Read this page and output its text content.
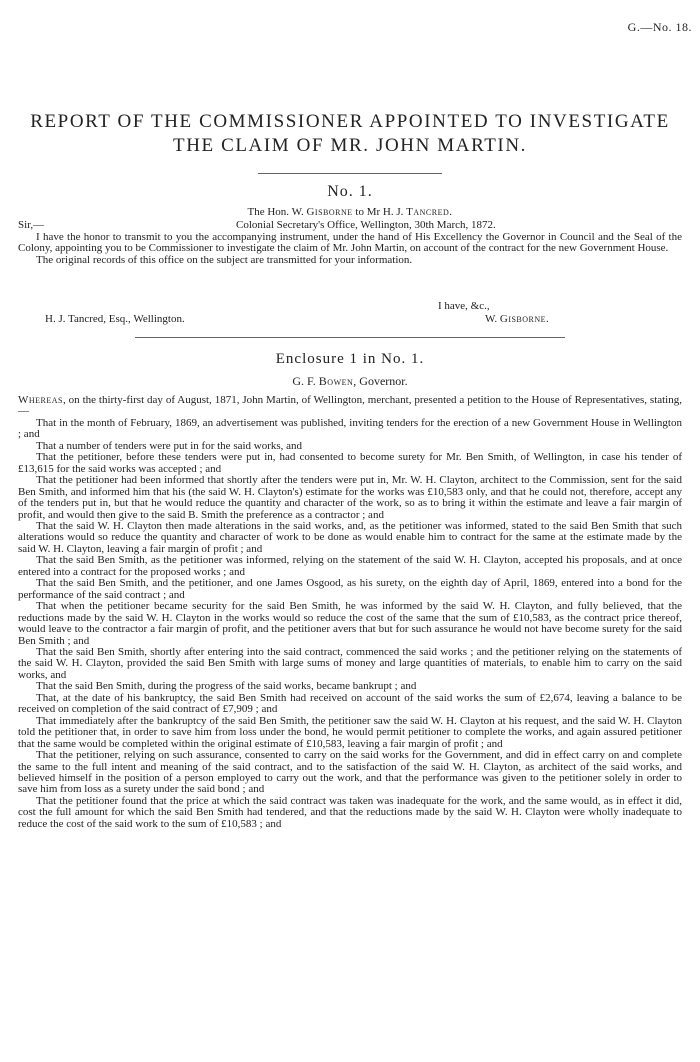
G.—No. 18.
REPORT OF THE COMMISSIONER APPOINTED TO INVESTIGATE
THE CLAIM OF MR. JOHN MARTIN.
No. 1.
The Hon. W. Gisborne to Mr H. J. Tancred.
Sir,—	Colonial Secretary's Office, Wellington, 30th March, 1872.

I have the honor to transmit to you the accompanying instrument, under the hand of His Excellency the Governor in Council and the Seal of the Colony, appointing you to be Commissioner to investigate the claim of Mr. John Martin, on account of the contract for the new Government House.

The original records of this office on the subject are transmitted for your information.

I have, &c.,
H. J. Tancred, Esq., Wellington.	W. Gisborne.
Enclosure 1 in No. 1.
G. F. Bowen, Governor.

Whereas, on the thirty-first day of August, 1871, John Martin, of Wellington, merchant, presented a petition to the House of Representatives, stating,—

That in the month of February, 1869, an advertisement was published, inviting tenders for the erection of a new Government House in Wellington ; and

That a number of tenders were put in for the said works, and

That the petitioner, before these tenders were put in, had consented to become surety for Mr. Ben Smith, of Wellington, in case his tender of £13,615 for the said works was accepted ; and

That the petitioner had been informed that shortly after the tenders were put in, Mr. W. H. Clayton, architect to the Commission, sent for the said Ben Smith, and informed him that his (the said W. H. Clayton's) estimate for the works was £10,583 only, and that he could not, therefore, accept any of the tenders put in, but that he would reduce the quantity and character of the work, so as to bring it within the estimate and leave a fair margin of profit, and would then give to the said B. Smith the preference as a contractor ; and

That the said W. H. Clayton then made alterations in the said works, and, as the petitioner was informed, stated to the said Ben Smith that such alterations would so reduce the quantity and character of work to be done as would enable him to contract for the same at the estimate made by the said W. H. Clayton, leaving a fair margin of profit ; and

That the said Ben Smith, as the petitioner was informed, relying on the statement of the said W. H. Clayton, accepted his proposals, and at once entered into a contract for the proposed works ; and

That the said Ben Smith, and the petitioner, and one James Osgood, as his surety, on the eighth day of April, 1869, entered into a bond for the performance of the said contract ; and

That when the petitioner became security for the said Ben Smith, he was informed by the said W. H. Clayton, and fully believed, that the reductions made by the said W. H. Clayton in the works would so reduce the cost of the same that the sum of £10,583, as the contract price thereof, would leave to the contractor a fair margin of profit, and the petitioner avers that but for such assurance he would not have become surety for the said Ben Smith ; and

That the said Ben Smith, shortly after entering into the said contract, commenced the said works ; and the petitioner relying on the statements of the said W. H. Clayton, provided the said Ben Smith with large sums of money and large quantities of materials, to enable him to carry on the said works, and

That the said Ben Smith, during the progress of the said works, became bankrupt ; and

That, at the date of his bankruptcy, the said Ben Smith had received on account of the said works the sum of £2,674, leaving a balance to be received on completion of the said contract of £7,909 ; and

That immediately after the bankruptcy of the said Ben Smith, the petitioner saw the said W. H. Clayton at his request, and the said W. H. Clayton told the petitioner that, in order to save him from loss under the bond, he would permit petitioner to complete the works, and again assured petitioner that the same would be completed within the original estimate of £10,583, leaving a fair margin of profit ; and

That the petitioner, relying on such assurance, consented to carry on the said works for the Government, and did in effect carry on and complete the same to the full intent and meaning of the said contract, and to the satisfaction of the said W. H. Clayton, as architect of the said works, and believed himself in the position of a person employed to carry out the work, and that the performance was given to the petitioner solely in order to save him from loss as a surety under the said bond ; and

That the petitioner found that the price at which the said contract was taken was inadequate for the work, and the same would, as in effect it did, cost the full amount for which the said Ben Smith had tendered, and that the reductions made by the said W. H. Clayton were wholly inadequate to reduce the cost of the said work to the sum of £10,583 ; and
